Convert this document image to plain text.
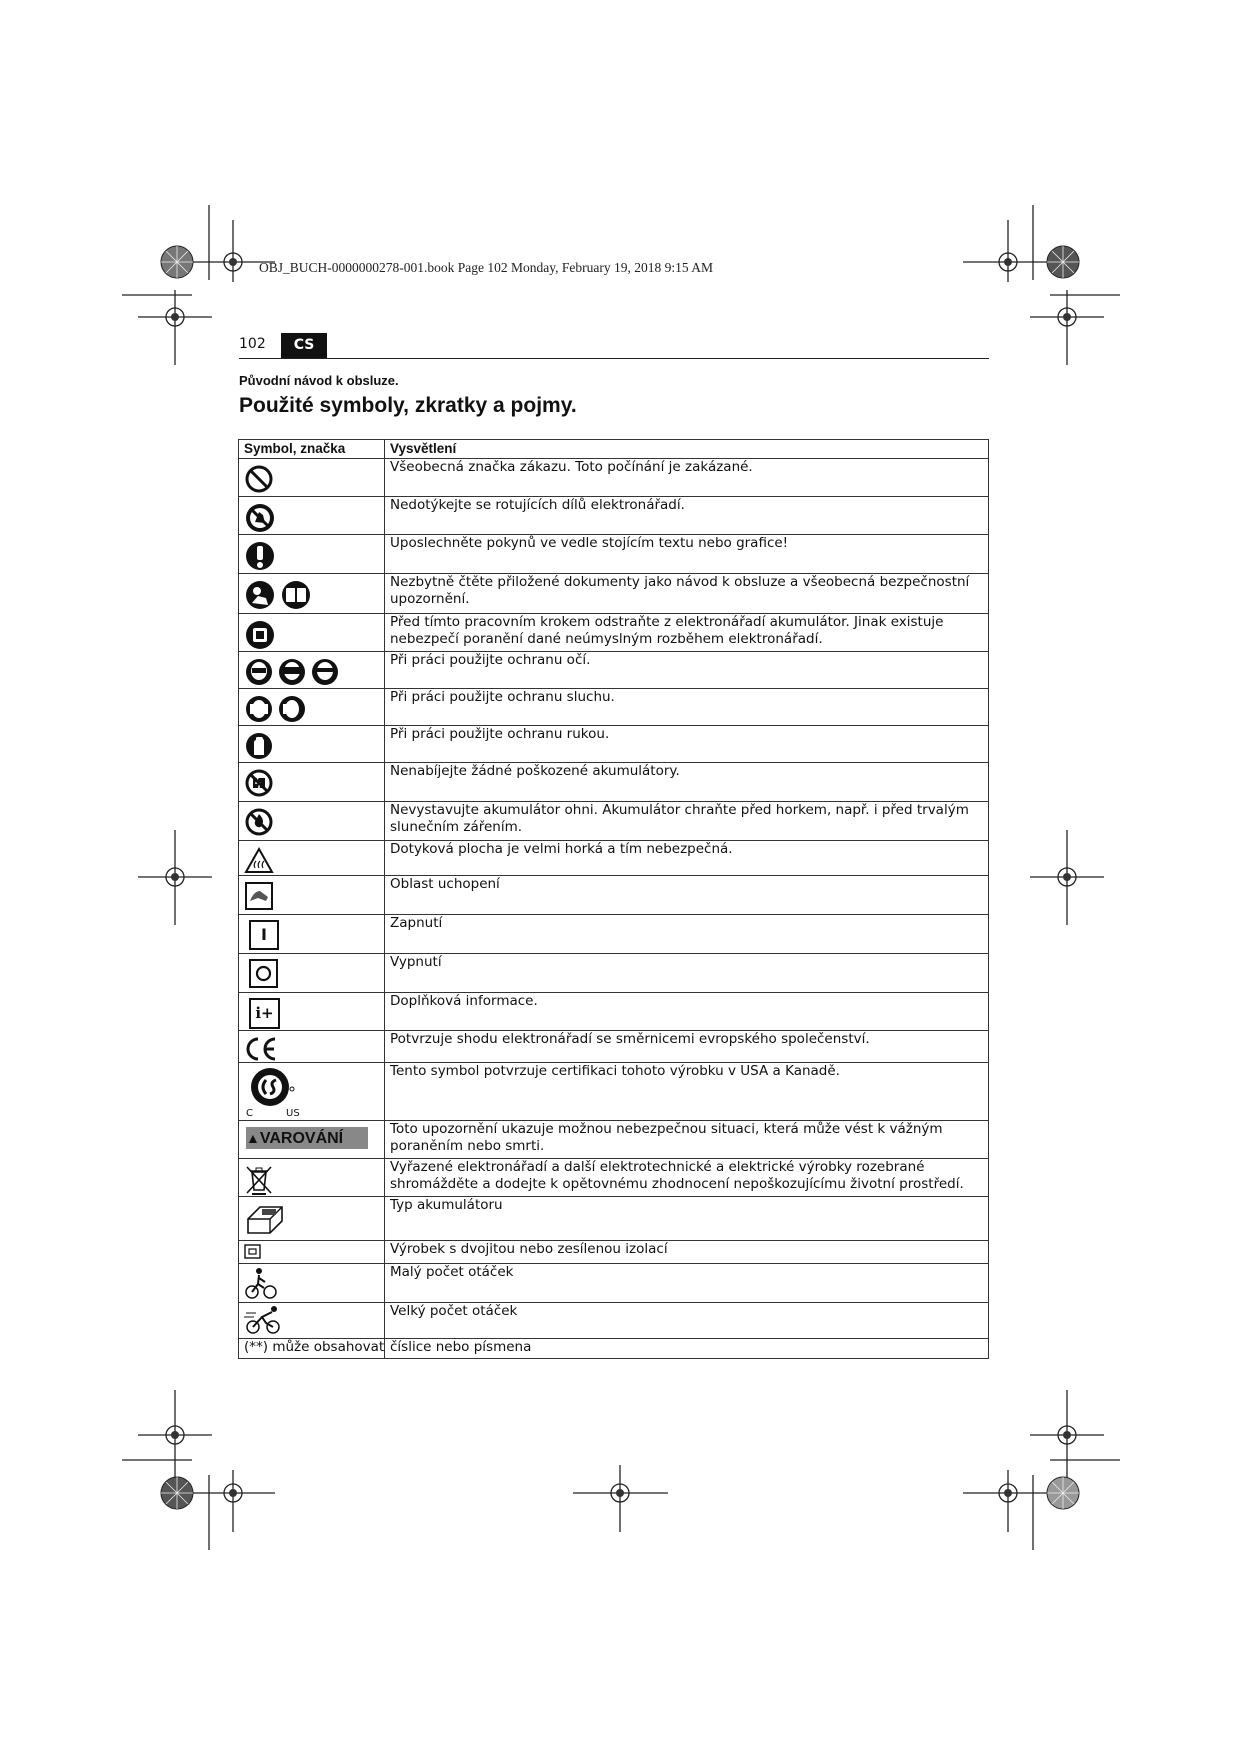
OBJ_BUCH-0000000278-001.book Page 102 Monday, February 19, 2018 9:15 AM
102	CS
Původní návod k obsluze.
Použité symboly, zkratky a pojmy.
Symbol, značka	Vysvětlení
	Všeobecná značka zákazu. Toto počínání je zakázané.
	Nedotýkejte se rotujících dílů elektronářadí.
	Uposlechněte pokynů ve vedle stojícím textu nebo grafice!
	Nezbytně čtěte přiložené dokumenty jako návod k obsluze a všeobecná bezpečnostní upozornění.
	Před tímto pracovním krokem odstraňte z elektronářadí akumulátor. Jinak existuje nebezpečí poranění dané neúmyslným rozběhem elektronářadí.
	Při práci použijte ochranu očí.
	Při práci použijte ochranu sluchu.
	Při práci použijte ochranu rukou.
	Nenabíjejte žádné poškozené akumulátory.
	Nevystavujte akumulátor ohni. Akumulátor chraňte před horkem, např. i před trvalým slunečním zářením.
	Dotyková plocha je velmi horká a tím nebezpečná.
	Oblast uchopení
I	Zapnutí
	Vypnutí
i+	Doplňková informace.
	Potvrzuje shodu elektronářadí se směrnicemi evropského společenství.

C US	Tento symbol potvrzuje certifikaci tohoto výrobku v USA a Kanadě.
▲VAROVÁNÍ	Toto upozornění ukazuje možnou nebezpečnou situaci, která může vést k vážným poraněním nebo smrti.
	Vyřazené elektronářadí a další elektrotechnické a elektrické výrobky rozebrané shromážděte a dodejte k opětovnému zhodnocení nepoškozujícímu životní prostředí.
	Typ akumulátoru
	Výrobek s dvojitou nebo zesílenou izolací
	Malý počet otáček
	Velký počet otáček
(**) může obsahovat	číslice nebo písmena
